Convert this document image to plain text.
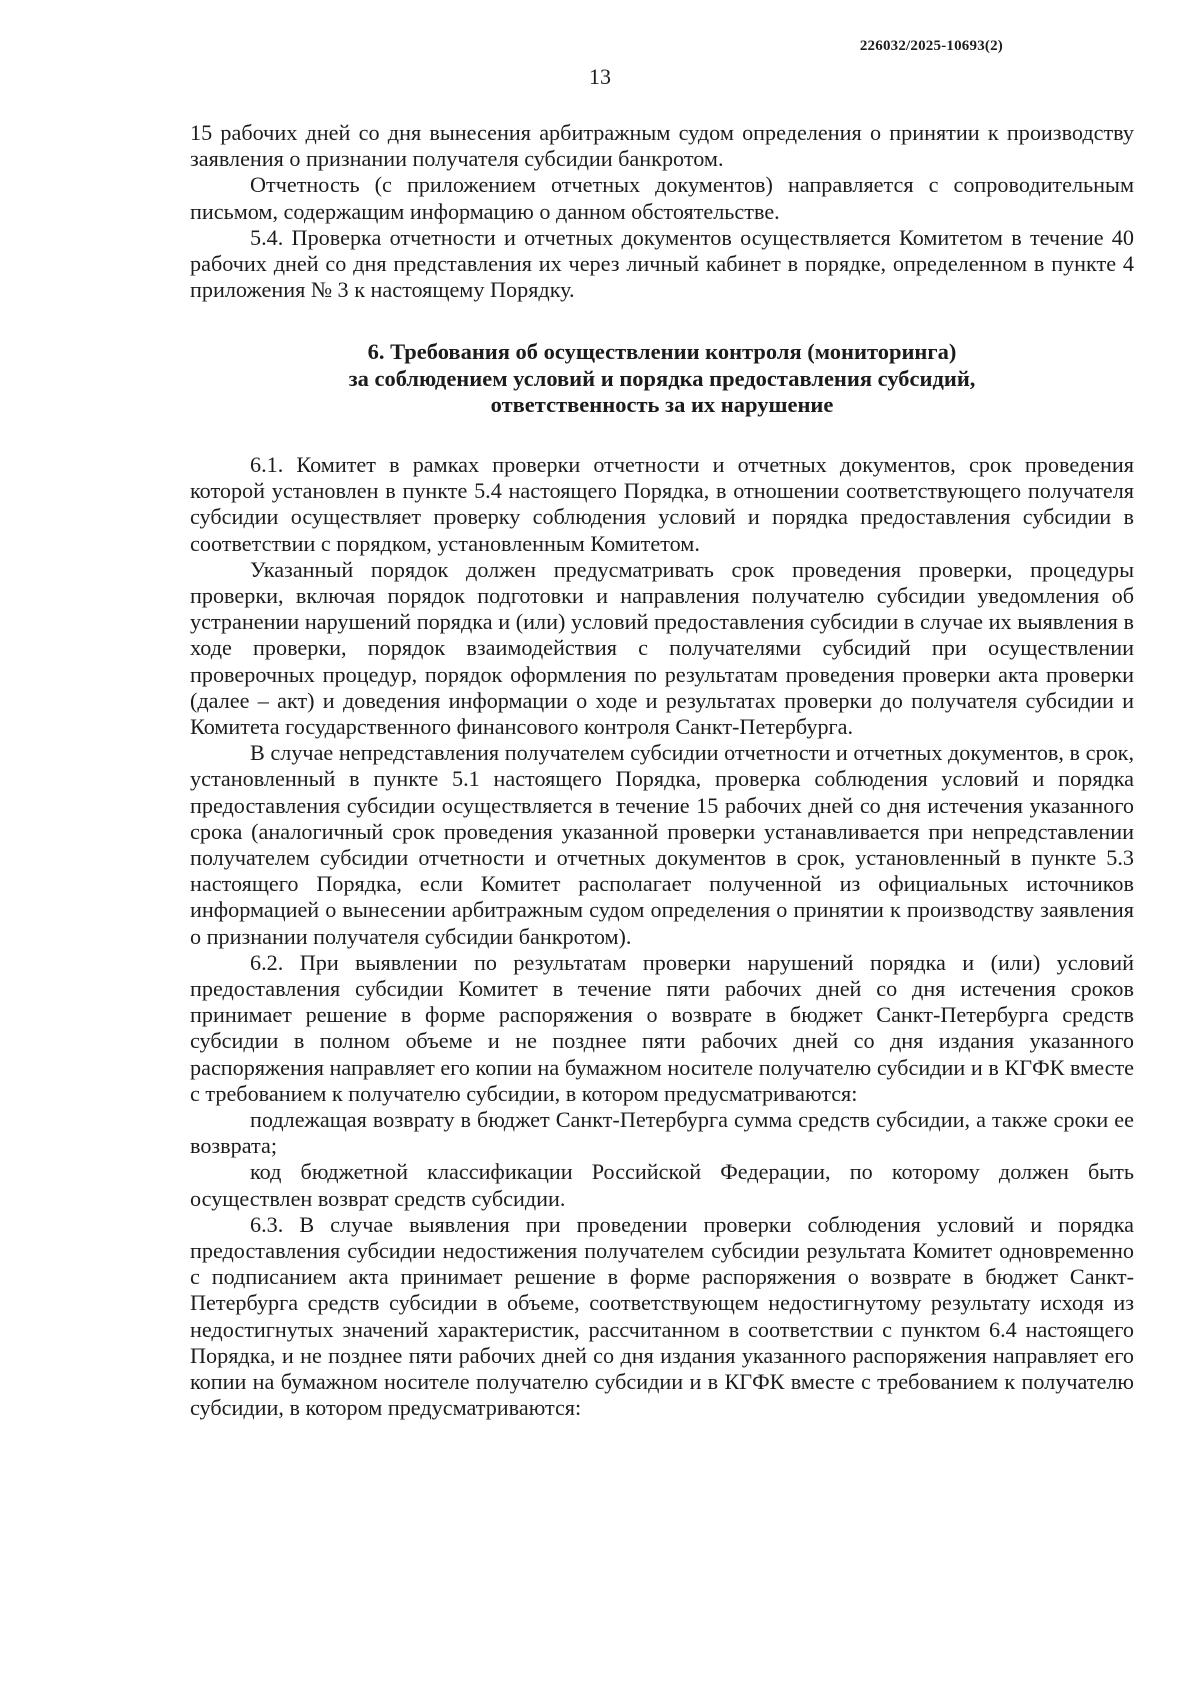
226032/2025-10693(2)
13

15 рабочих дней со дня вынесения арбитражным судом определения о принятии к производству заявления о признании получателя субсидии банкротом.

Отчетность (с приложением отчетных документов) направляется с сопроводительным письмом, содержащим информацию о данном обстоятельстве.

5.4. Проверка отчетности и отчетных документов осуществляется Комитетом в течение 40 рабочих дней со дня представления их через личный кабинет в порядке, определенном в пункте 4 приложения № 3 к настоящему Порядку.

6. Требования об осуществлении контроля (мониторинга)
за соблюдением условий и порядка предоставления субсидий,
ответственность за их нарушение

6.1. Комитет в рамках проверки отчетности и отчетных документов, срок проведения которой установлен в пункте 5.4 настоящего Порядка, в отношении соответствующего получателя субсидии осуществляет проверку соблюдения условий и порядка предоставления субсидии в соответствии с порядком, установленным Комитетом.

Указанный порядок должен предусматривать срок проведения проверки, процедуры проверки, включая порядок подготовки и направления получателю субсидии уведомления об устранении нарушений порядка и (или) условий предоставления субсидии в случае их выявления в ходе проверки, порядок взаимодействия с получателями субсидий при осуществлении проверочных процедур, порядок оформления по результатам проведения проверки акта проверки (далее – акт) и доведения информации о ходе и результатах проверки до получателя субсидии и Комитета государственного финансового контроля Санкт-Петербурга.

В случае непредставления получателем субсидии отчетности и отчетных документов, в срок, установленный в пункте 5.1 настоящего Порядка, проверка соблюдения условий и порядка предоставления субсидии осуществляется в течение 15 рабочих дней со дня истечения указанного срока (аналогичный срок проведения указанной проверки устанавливается при непредставлении получателем субсидии отчетности и отчетных документов в срок, установленный в пункте 5.3 настоящего Порядка, если Комитет располагает полученной из официальных источников информацией о вынесении арбитражным судом определения о принятии к производству заявления о признании получателя субсидии банкротом).

6.2. При выявлении по результатам проверки нарушений порядка и (или) условий предоставления субсидии Комитет в течение пяти рабочих дней со дня истечения сроков принимает решение в форме распоряжения о возврате в бюджет Санкт-Петербурга средств субсидии в полном объеме и не позднее пяти рабочих дней со дня издания указанного распоряжения направляет его копии на бумажном носителе получателю субсидии и в КГФК вместе с требованием к получателю субсидии, в котором предусматриваются:

подлежащая возврату в бюджет Санкт-Петербурга сумма средств субсидии, а также сроки ее возврата;

код бюджетной классификации Российской Федерации, по которому должен быть осуществлен возврат средств субсидии.

6.3. В случае выявления при проведении проверки соблюдения условий и порядка предоставления субсидии недостижения получателем субсидии результата Комитет одновременно с подписанием акта принимает решение в форме распоряжения о возврате в бюджет Санкт-Петербурга средств субсидии в объеме, соответствующем недостигнутому результату исходя из недостигнутых значений характеристик, рассчитанном в соответствии с пунктом 6.4 настоящего Порядка, и не позднее пяти рабочих дней со дня издания указанного распоряжения направляет его копии на бумажном носителе получателю субсидии и в КГФК вместе с требованием к получателю субсидии, в котором предусматриваются:
